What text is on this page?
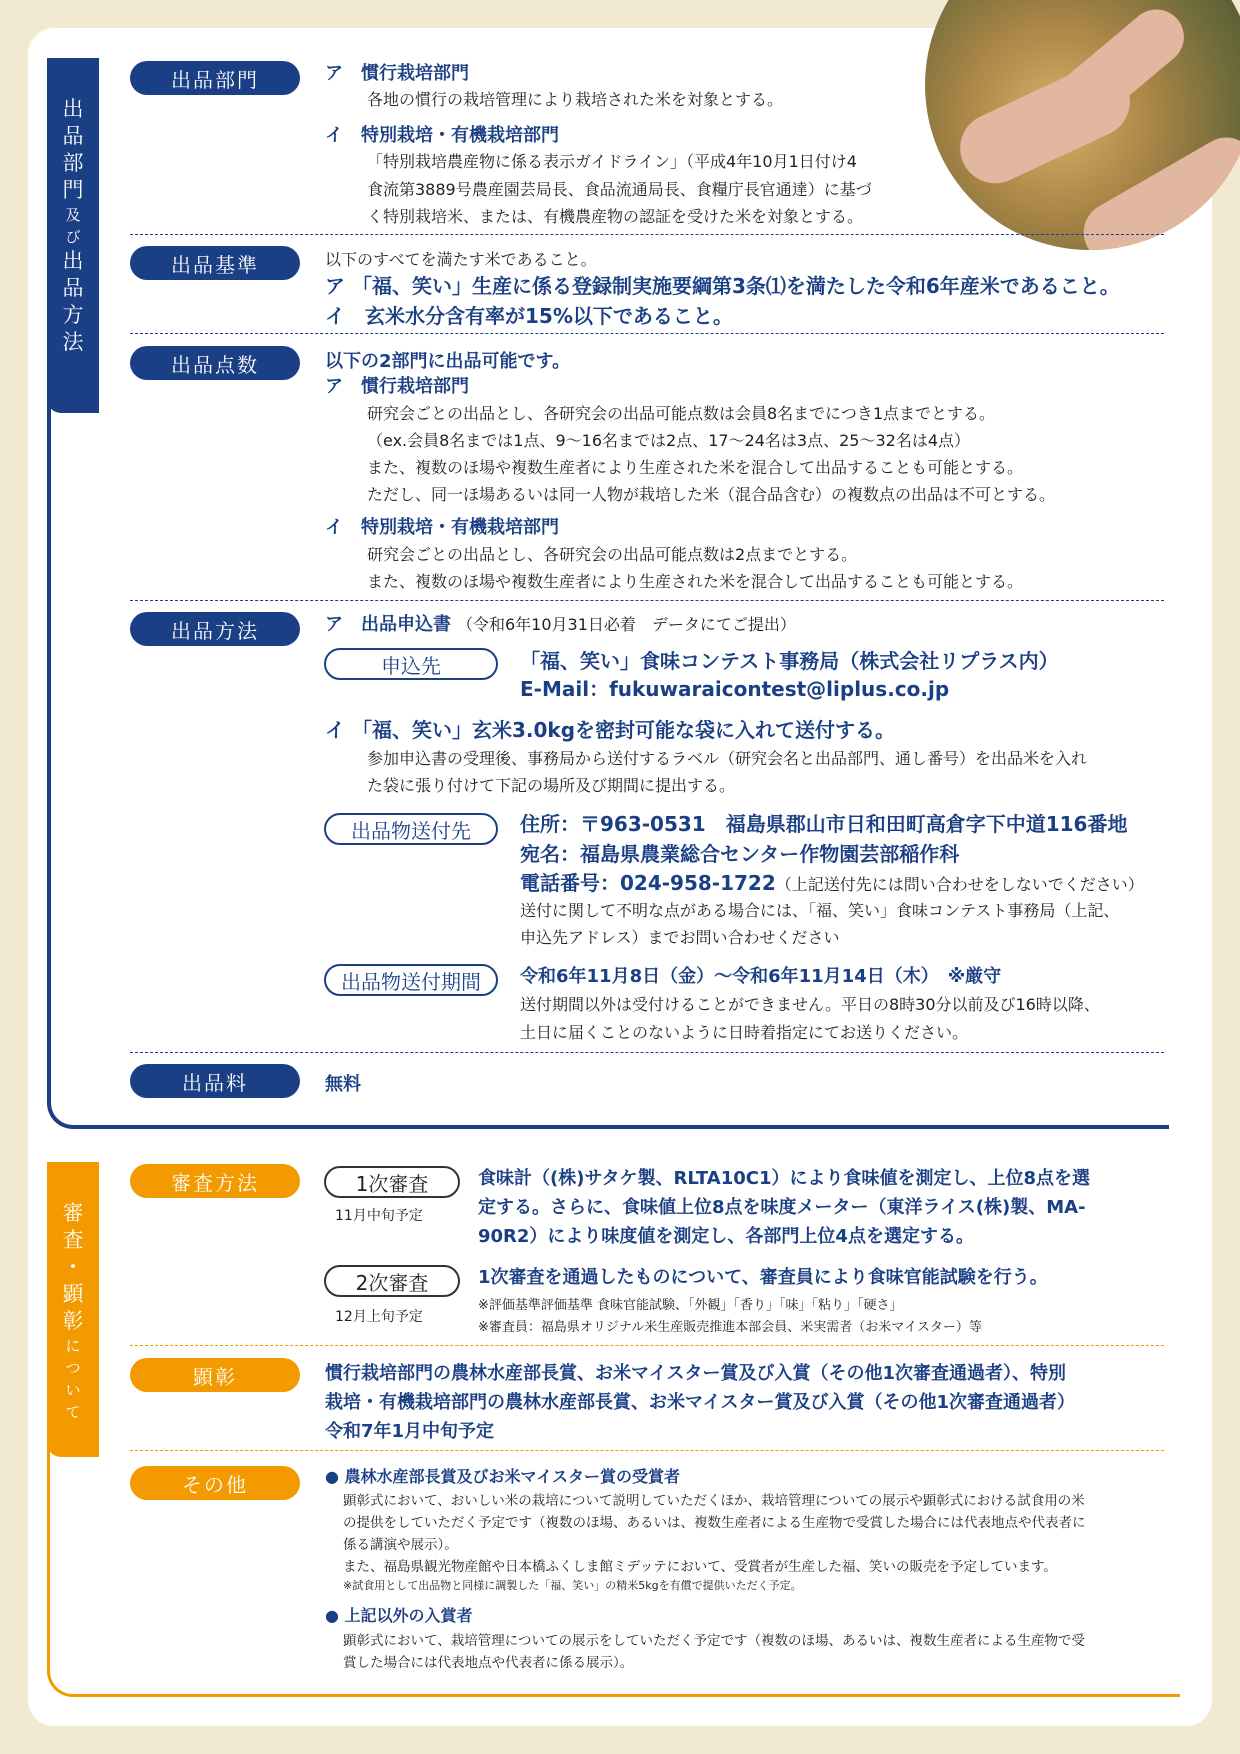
出
品
部
門
及
び
出
品
方
法
出品部門	ア　慣行栽培部門
各地の慣行の栽培管理により栽培された米を対象とする。
イ　特別栽培・有機栽培部門
「特別栽培農産物に係る表示ガイドライン」（平成4年10月1日付け4
食流第3889号農産園芸局長、食品流通局長、食糧庁長官通達）に基づ
く特別栽培米、または、有機農産物の認証を受けた米を対象とする。
出品基準	以下のすべてを満たす米であること。
ア 「福、笑い」生産に係る登録制実施要綱第3条⑴を満たした令和6年産米であること。
イ　玄米水分含有率が15%以下であること。
出品点数	以下の2部門に出品可能です。
ア　慣行栽培部門
研究会ごとの出品とし、各研究会の出品可能点数は会員8名までにつき1点までとする。
（ex.会員8名までは1点、9～16名までは2点、17～24名は3点、25～32名は4点）
また、複数のほ場や複数生産者により生産された米を混合して出品することも可能とする。
ただし、同一ほ場あるいは同一人物が栽培した米（混合品含む）の複数点の出品は不可とする。
イ　特別栽培・有機栽培部門
研究会ごとの出品とし、各研究会の出品可能点数は2点までとする。
また、複数のほ場や複数生産者により生産された米を混合して出品することも可能とする。
出品方法	ア　出品申込書 （令和6年10月31日必着　データにてご提出）
申込先	「福、笑い」食味コンテスト事務局（株式会社リプラス内）
E-Mail：fukuwaraicontest@liplus.co.jp
イ 「福、笑い」玄米3.0kgを密封可能な袋に入れて送付する。
参加申込書の受理後、事務局から送付するラベル（研究会名と出品部門、通し番号）を出品米を入れ
た袋に張り付けて下記の場所及び期間に提出する。
出品物送付先	住所：〒963-0531　福島県郡山市日和田町高倉字下中道116番地
宛名：福島県農業総合センター作物園芸部稲作科
電話番号：024-958-1722（上記送付先には問い合わせをしないでください）
送付に関して不明な点がある場合には、「福、笑い」食味コンテスト事務局（上記、
申込先アドレス）までお問い合わせください
出品物送付期間	令和6年11月8日（金）～令和6年11月14日（木）　※厳守
送付期間以外は受付けることができません。平日の8時30分以前及び16時以降、
土日に届くことのないように日時着指定にてお送りください。
出品料	無料
審
査
・
顕
彰
に
つ
い
て
審査方法	1次審査
11月中旬予定
食味計（(株)サタケ製、RLTA10C1）により食味値を測定し、上位8点を選
定する。さらに、食味値上位8点を味度メーター（東洋ライス(株)製、MA-
90R2）により味度値を測定し、各部門上位4点を選定する。
2次審査
12月上旬予定
1次審査を通過したものについて、審査員により食味官能試験を行う。
※評価基準評価基準 食味官能試験、「外観」「香り」「味」「粘り」「硬さ」
※審査員：福島県オリジナル米生産販売推進本部会員、米実需者（お米マイスター）等
顕彰	慣行栽培部門の農林水産部長賞、お米マイスター賞及び入賞（その他1次審査通過者）、特別
栽培・有機栽培部門の農林水産部長賞、お米マイスター賞及び入賞（その他1次審査通過者）
令和7年1月中旬予定
その他	● 農林水産部長賞及びお米マイスター賞の受賞者
顕彰式において、おいしい米の栽培について説明していただくほか、栽培管理についての展示や顕彰式における試食用の米
の提供をしていただく予定です（複数のほ場、あるいは、複数生産者による生産物で受賞した場合には代表地点や代表者に
係る講演や展示）。
また、福島県観光物産館や日本橋ふくしま館ミデッテにおいて、受賞者が生産した福、笑いの販売を予定しています。
※試食用として出品物と同様に調製した「福、笑い」の精米5kgを有償で提供いただく予定。
● 上記以外の入賞者
顕彰式において、栽培管理についての展示をしていただく予定です（複数のほ場、あるいは、複数生産者による生産物で受
賞した場合には代表地点や代表者に係る展示）。
